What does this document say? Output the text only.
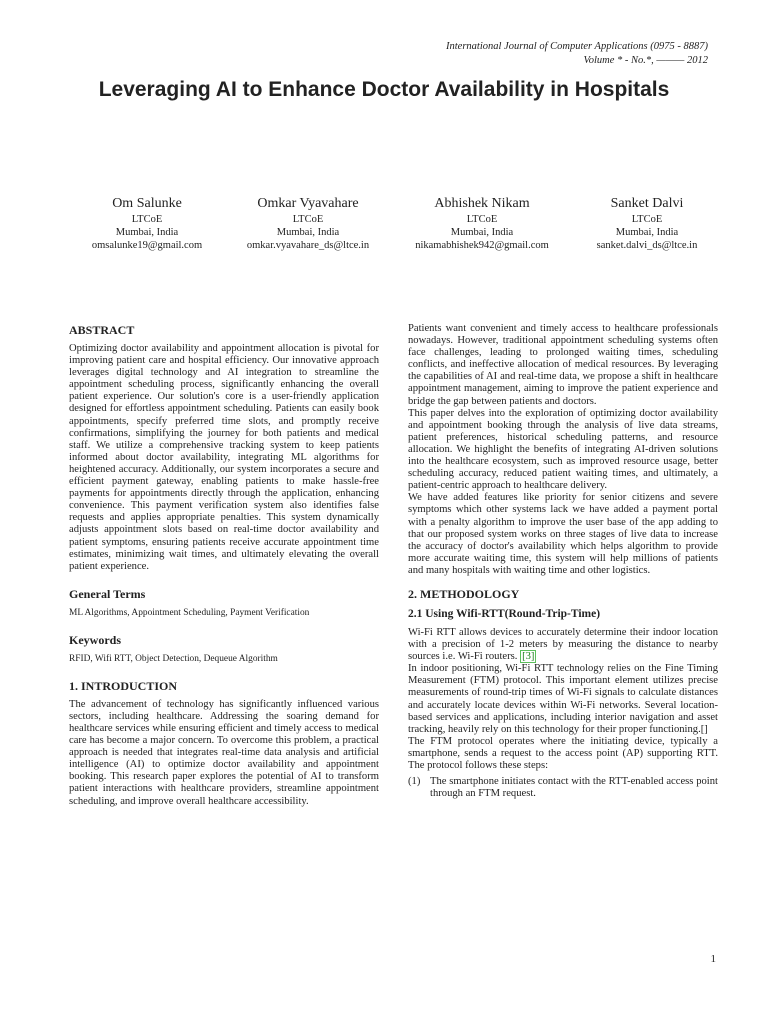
International Journal of Computer Applications (0975 - 8887)
Volume * - No.*, ——— 2012
Leveraging AI to Enhance Doctor Availability in Hospitals
Om Salunke
LTCoE
Mumbai, India
omsalunke19@gmail.com
Omkar Vyavahare
LTCoE
Mumbai, India
omkar.vyavahare_ds@ltce.in
Abhishek Nikam
LTCoE
Mumbai, India
nikamabhishek942@gmail.com
Sanket Dalvi
LTCoE
Mumbai, India
sanket.dalvi_ds@ltce.in
ABSTRACT

Optimizing doctor availability and appointment allocation is pivotal for improving patient care and hospital efficiency. Our innovative approach leverages digital technology and AI integration to streamline the appointment scheduling process, significantly enhancing the overall patient experience. Our solution's core is a user-friendly application designed for effortless appointment scheduling. Patients can easily book appointments, specify preferred time slots, and promptly receive confirmations, simplifying the journey for both patients and medical staff. We utilize a comprehensive tracking system to keep patients informed about doctor availability, integrating ML algorithms for heightened accuracy. Additionally, our system incorporates a secure and efficient payment gateway, enabling patients to make hassle-free payments for appointments directly through the application, enhancing convenience. This payment verification system also identifies false requests and applies appropriate penalties. This system dynamically adjusts appointment slots based on real-time doctor availability and patient symptoms, ensuring patients receive accurate appointment time estimates, minimizing wait times, and ultimately elevating the overall patient experience.

General Terms

ML Algorithms, Appointment Scheduling, Payment Verification

Keywords

RFID, Wifi RTT, Object Detection, Dequeue Algorithm

1. INTRODUCTION

The advancement of technology has significantly influenced various sectors, including healthcare. Addressing the soaring demand for healthcare services while ensuring efficient and timely access to medical care has become a major concern. To overcome this problem, a practical approach is needed that integrates real-time data analysis and artificial intelligence (AI) to optimize doctor availability and appointment booking. This research paper explores the potential of AI to transform patient interactions with healthcare providers, streamline appointment scheduling, and improve overall healthcare accessibility.

Patients want convenient and timely access to healthcare professionals nowadays. However, traditional appointment scheduling systems often face challenges, leading to prolonged waiting times, scheduling conflicts, and ineffective allocation of medical resources. By leveraging the capabilities of AI and real-time data, we propose a shift in healthcare appointment management, aiming to improve the patient experience and bridge the gap between patients and doctors.

This paper delves into the exploration of optimizing doctor availability and appointment booking through the analysis of live data streams, patient preferences, historical scheduling patterns, and resource allocation. We highlight the benefits of integrating AI-driven solutions into the healthcare ecosystem, such as improved resource usage, better scheduling accuracy, reduced patient waiting times, and ultimately, a patient-centric approach to healthcare delivery.

We have added features like priority for senior citizens and severe symptoms which other systems lack we have added a payment portal with a penalty algorithm to improve the user base of the app adding to that our proposed system works on three stages of live data to increase the accuracy of doctor's availability which helps algorithm to provide more accurate waiting time, this system will help millions of patients and many hospitals with waiting time and other logistics.

2. METHODOLOGY
2.1 Using Wifi-RTT(Round-Trip-Time)

Wi-Fi RTT allows devices to accurately determine their indoor location with a precision of 1-2 meters by measuring the distance to nearby sources i.e. Wi-Fi routers. [3]

In indoor positioning, Wi-Fi RTT technology relies on the Fine Timing Measurement (FTM) protocol. This important element utilizes precise measurements of round-trip times of Wi-Fi signals to calculate distances and accurately locate devices within Wi-Fi networks. Several location-based services and applications, including interior navigation and asset tracking, heavily rely on this technology for their proper functioning.[]

The FTM protocol operates where the initiating device, typically a smartphone, sends a request to the access point (AP) supporting RTT. The protocol follows these steps:

(1) The smartphone initiates contact with the RTT-enabled access point through an FTM request.
1
